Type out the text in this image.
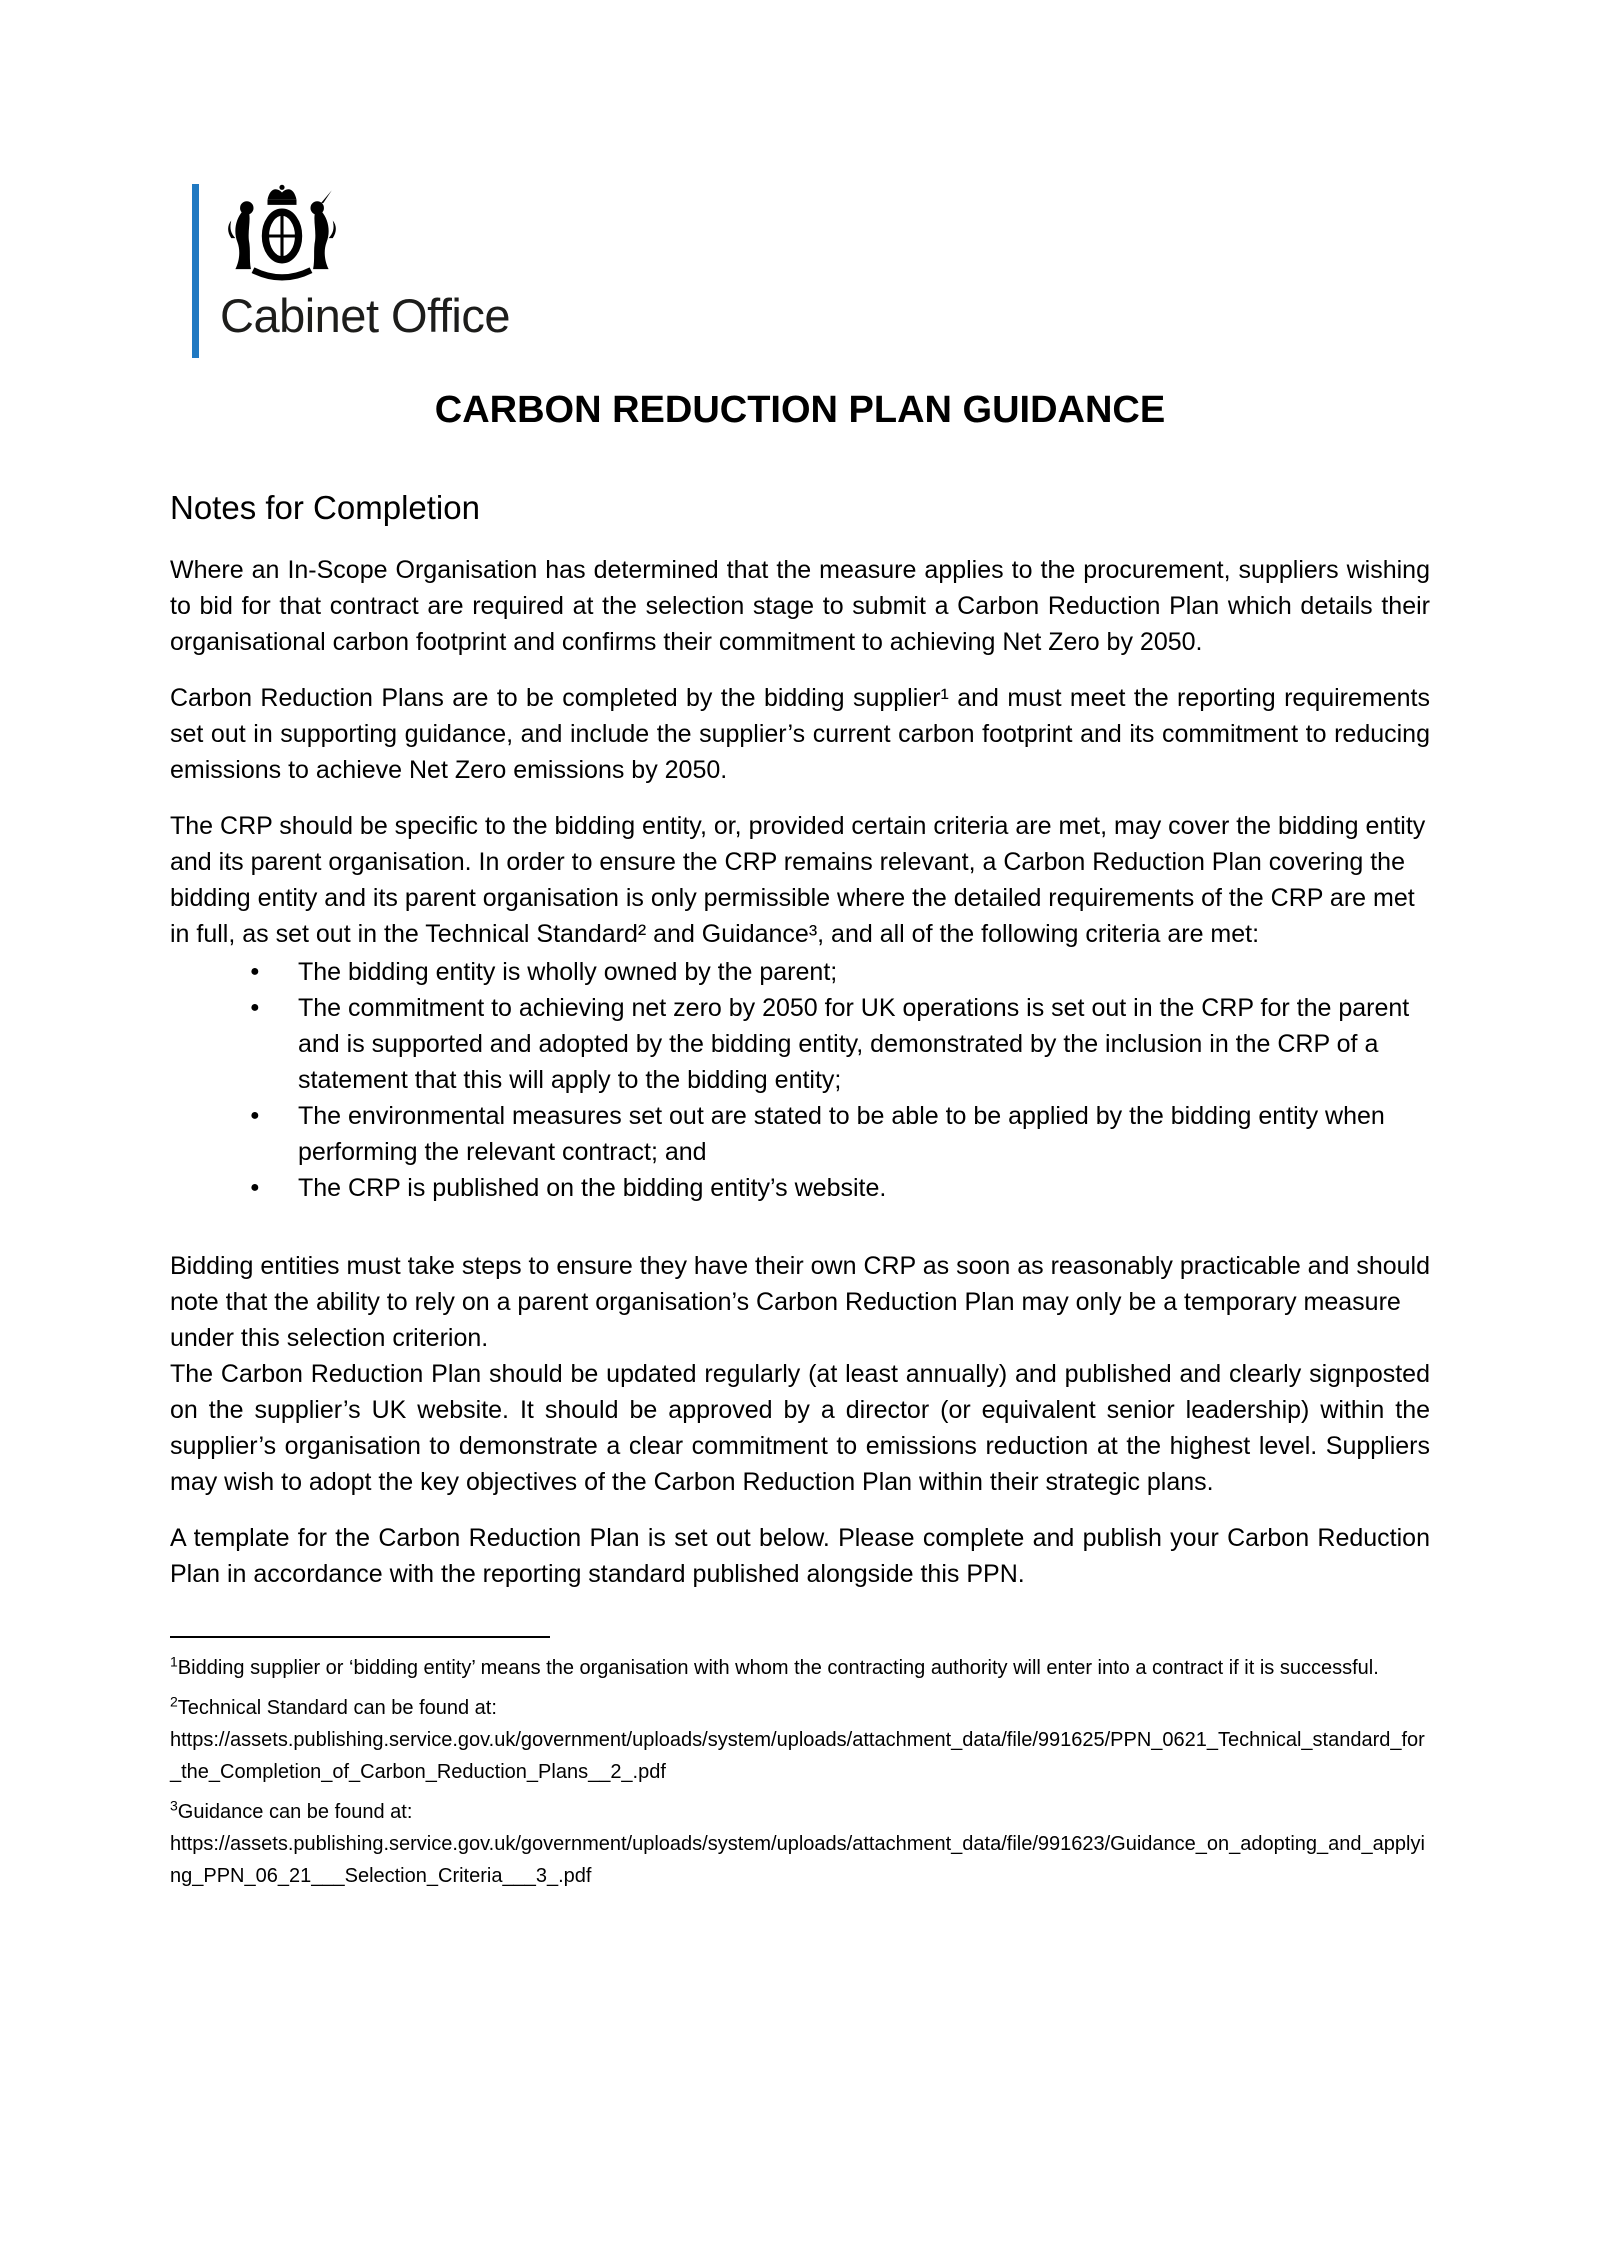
Cabinet Office
CARBON REDUCTION PLAN GUIDANCE
Notes for Completion

Where an In-Scope Organisation has determined that the measure applies to the procurement, suppliers wishing to bid for that contract are required at the selection stage to submit a Carbon Reduction Plan which details their organisational carbon footprint and confirms their commitment to achieving Net Zero by 2050.

Carbon Reduction Plans are to be completed by the bidding supplier¹ and must meet the reporting requirements set out in supporting guidance, and include the supplier’s current carbon footprint and its commitment to reducing emissions to achieve Net Zero emissions by 2050.

The CRP should be specific to the bidding entity, or, provided certain criteria are met, may cover the bidding entity and its parent organisation. In order to ensure the CRP remains relevant, a Carbon Reduction Plan covering the bidding entity and its parent organisation is only permissible where the detailed requirements of the CRP are met in full, as set out in the Technical Standard² and Guidance³, and all of the following criteria are met:

●	The bidding entity is wholly owned by the parent;
●	The commitment to achieving net zero by 2050 for UK operations is set out in the CRP for the parent and is supported and adopted by the bidding entity, demonstrated by the inclusion in the CRP of a statement that this will apply to the bidding entity;
●	The environmental measures set out are stated to be able to be applied by the bidding entity when performing the relevant contract; and
●	The CRP is published on the bidding entity’s website.

Bidding entities must take steps to ensure they have their own CRP as soon as reasonably practicable and should note that the ability to rely on a parent organisation’s Carbon Reduction Plan may only be a temporary measure under this selection criterion.

The Carbon Reduction Plan should be updated regularly (at least annually) and published and clearly signposted on the supplier’s UK website. It should be approved by a director (or equivalent senior leadership) within the supplier’s organisation to demonstrate a clear commitment to emissions reduction at the highest level. Suppliers may wish to adopt the key objectives of the Carbon Reduction Plan within their strategic plans.

A template for the Carbon Reduction Plan is set out below. Please complete and publish your Carbon Reduction Plan in accordance with the reporting standard published alongside this PPN.

$^1$Bidding supplier or ‘bidding entity’ means the organisation with whom the contracting authority will enter into a contract if it is successful.
$^2$Technical Standard can be found at:
https://assets.publishing.service.gov.uk/government/uploads/system/uploads/attachment_data/file/991625/PPN_0621_Technical_standard_for_the_Completion_of_Carbon_Reduction_Plans__2_.pdf
$^3$Guidance can be found at:
https://assets.publishing.service.gov.uk/government/uploads/system/uploads/attachment_data/file/991623/Guidance_on_adopting_and_applying_PPN_06_21___Selection_Criteria___3_.pdf
